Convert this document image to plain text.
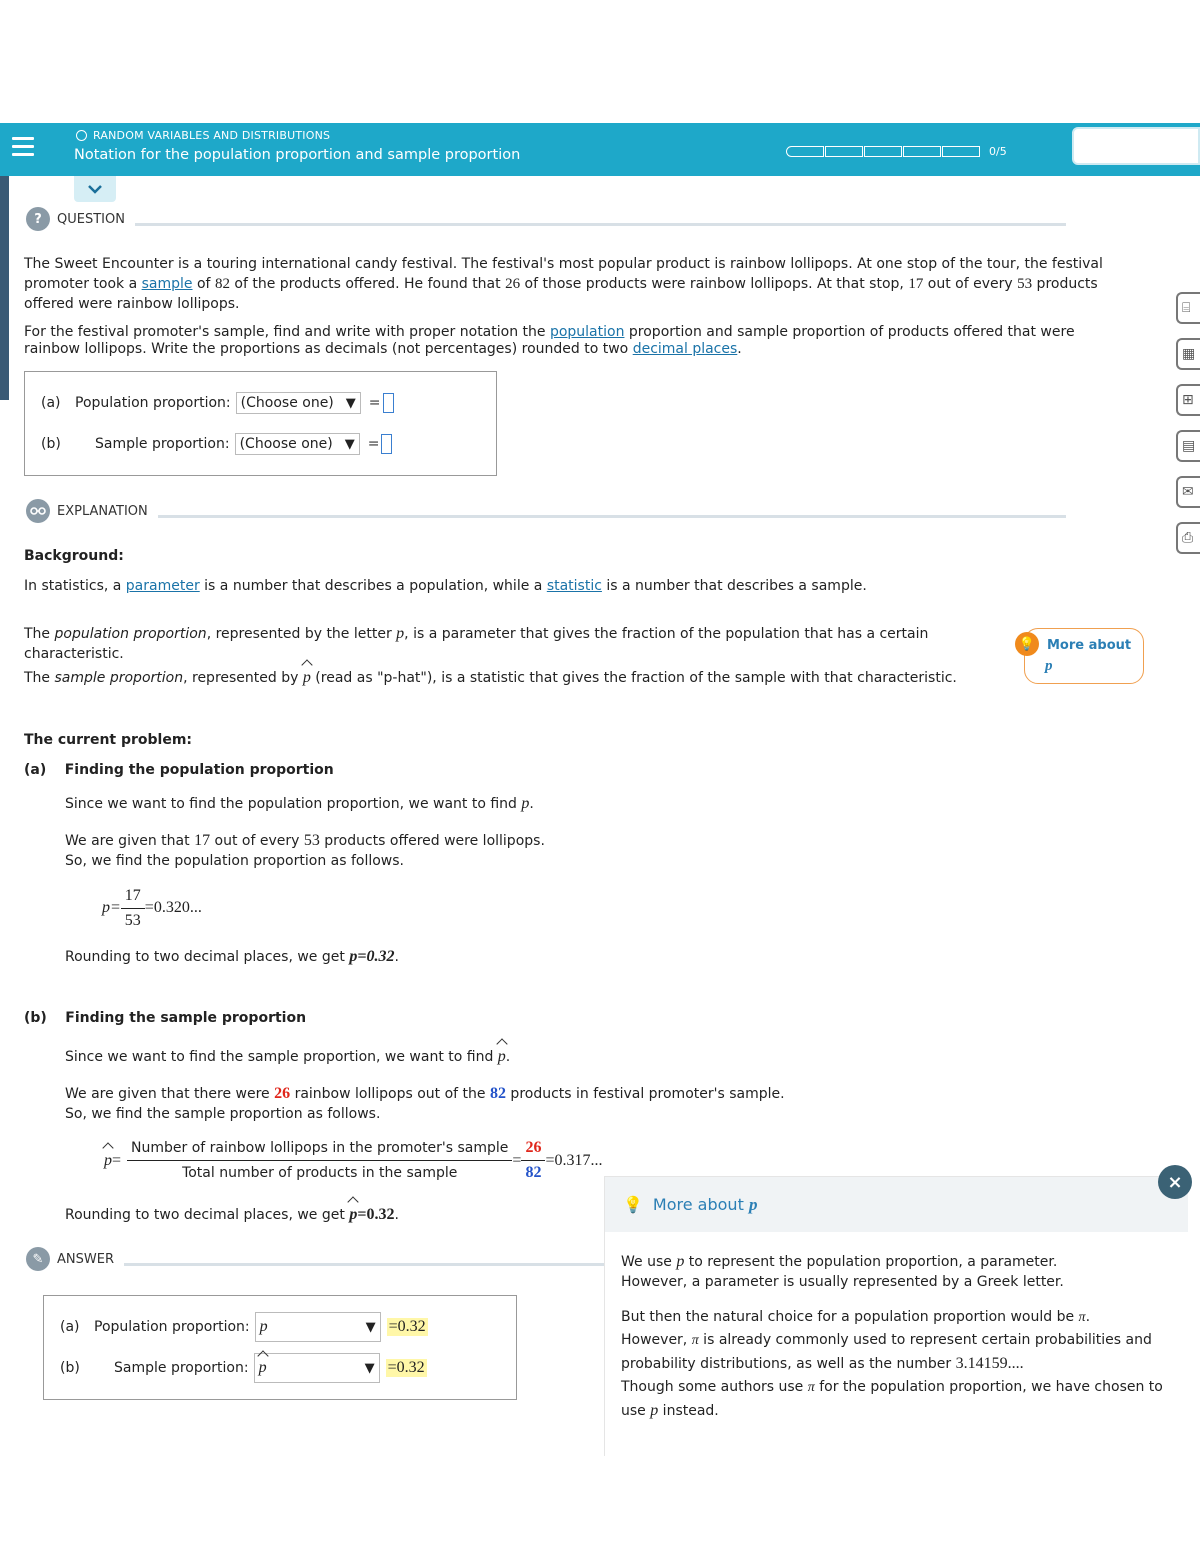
RANDOM VARIABLES AND DISTRIBUTIONS
Notation for the population proportion and sample proportion	0/5
⌸
▦
⊞
▤
✉
⎙
?	QUESTION
The Sweet Encounter is a touring international candy festival. The festival's most popular product is rainbow lollipops. At one stop of the tour, the festival promoter took a sample of 82 of the products offered. He found that 26 of those products were rainbow lollipops. At that stop, 17 out of every 53 products offered were rainbow lollipops.
For the festival promoter's sample, find and write with proper notation the population proportion and sample proportion of products offered that were rainbow lollipops. Write the proportions as decimals (not percentages) rounded to two decimal places.
(a)	Population proportion: (Choose one) ▼ =
(b)	Sample proportion: (Choose one) ▼ =
EXPLANATION
Background:
In statistics, a parameter is a number that describes a population, while a statistic is a number that describes a sample.
The population proportion, represented by the letter p, is a parameter that gives the fraction of the population that has a certain characteristic.
The sample proportion, represented by p (read as "p-hat"), is a statistic that gives the fraction of the sample with that characteristic.
💡 More about
p
The current problem:
(a) Finding the population proportion
Since we want to find the population proportion, we want to find p.
We are given that 17 out of every 53 products offered were lollipops.
So, we find the population proportion as follows.
$p= \frac{17}{53} =0.320$...
Rounding to two decimal places, we get p=0.32.
(b) Finding the sample proportion
Since we want to find the sample proportion, we want to find p.
We are given that there were 26 rainbow lollipops out of the 82 products in festival promoter's sample.
So, we find the sample proportion as follows.
$p = \frac{\text{Number of rainbow lollipops in the promoter's sample}}{\text{Total number of products in the sample}} = \frac{26}{82} =0.317$...
Rounding to two decimal places, we get p=0.32.
✎	ANSWER
(a)	Population proportion: p	▼ =0.32
(b)	Sample proportion: p	▼ =0.32
💡 More about
p
We use p to represent the population proportion, a parameter.
However, a parameter is usually represented by a Greek letter.
But then the natural choice for a population proportion would be π.
However, π is already commonly used to represent certain probabilities and probability distributions, as well as the number 3.14159....
Though some authors use π for the population proportion, we have chosen to use p instead.
×
